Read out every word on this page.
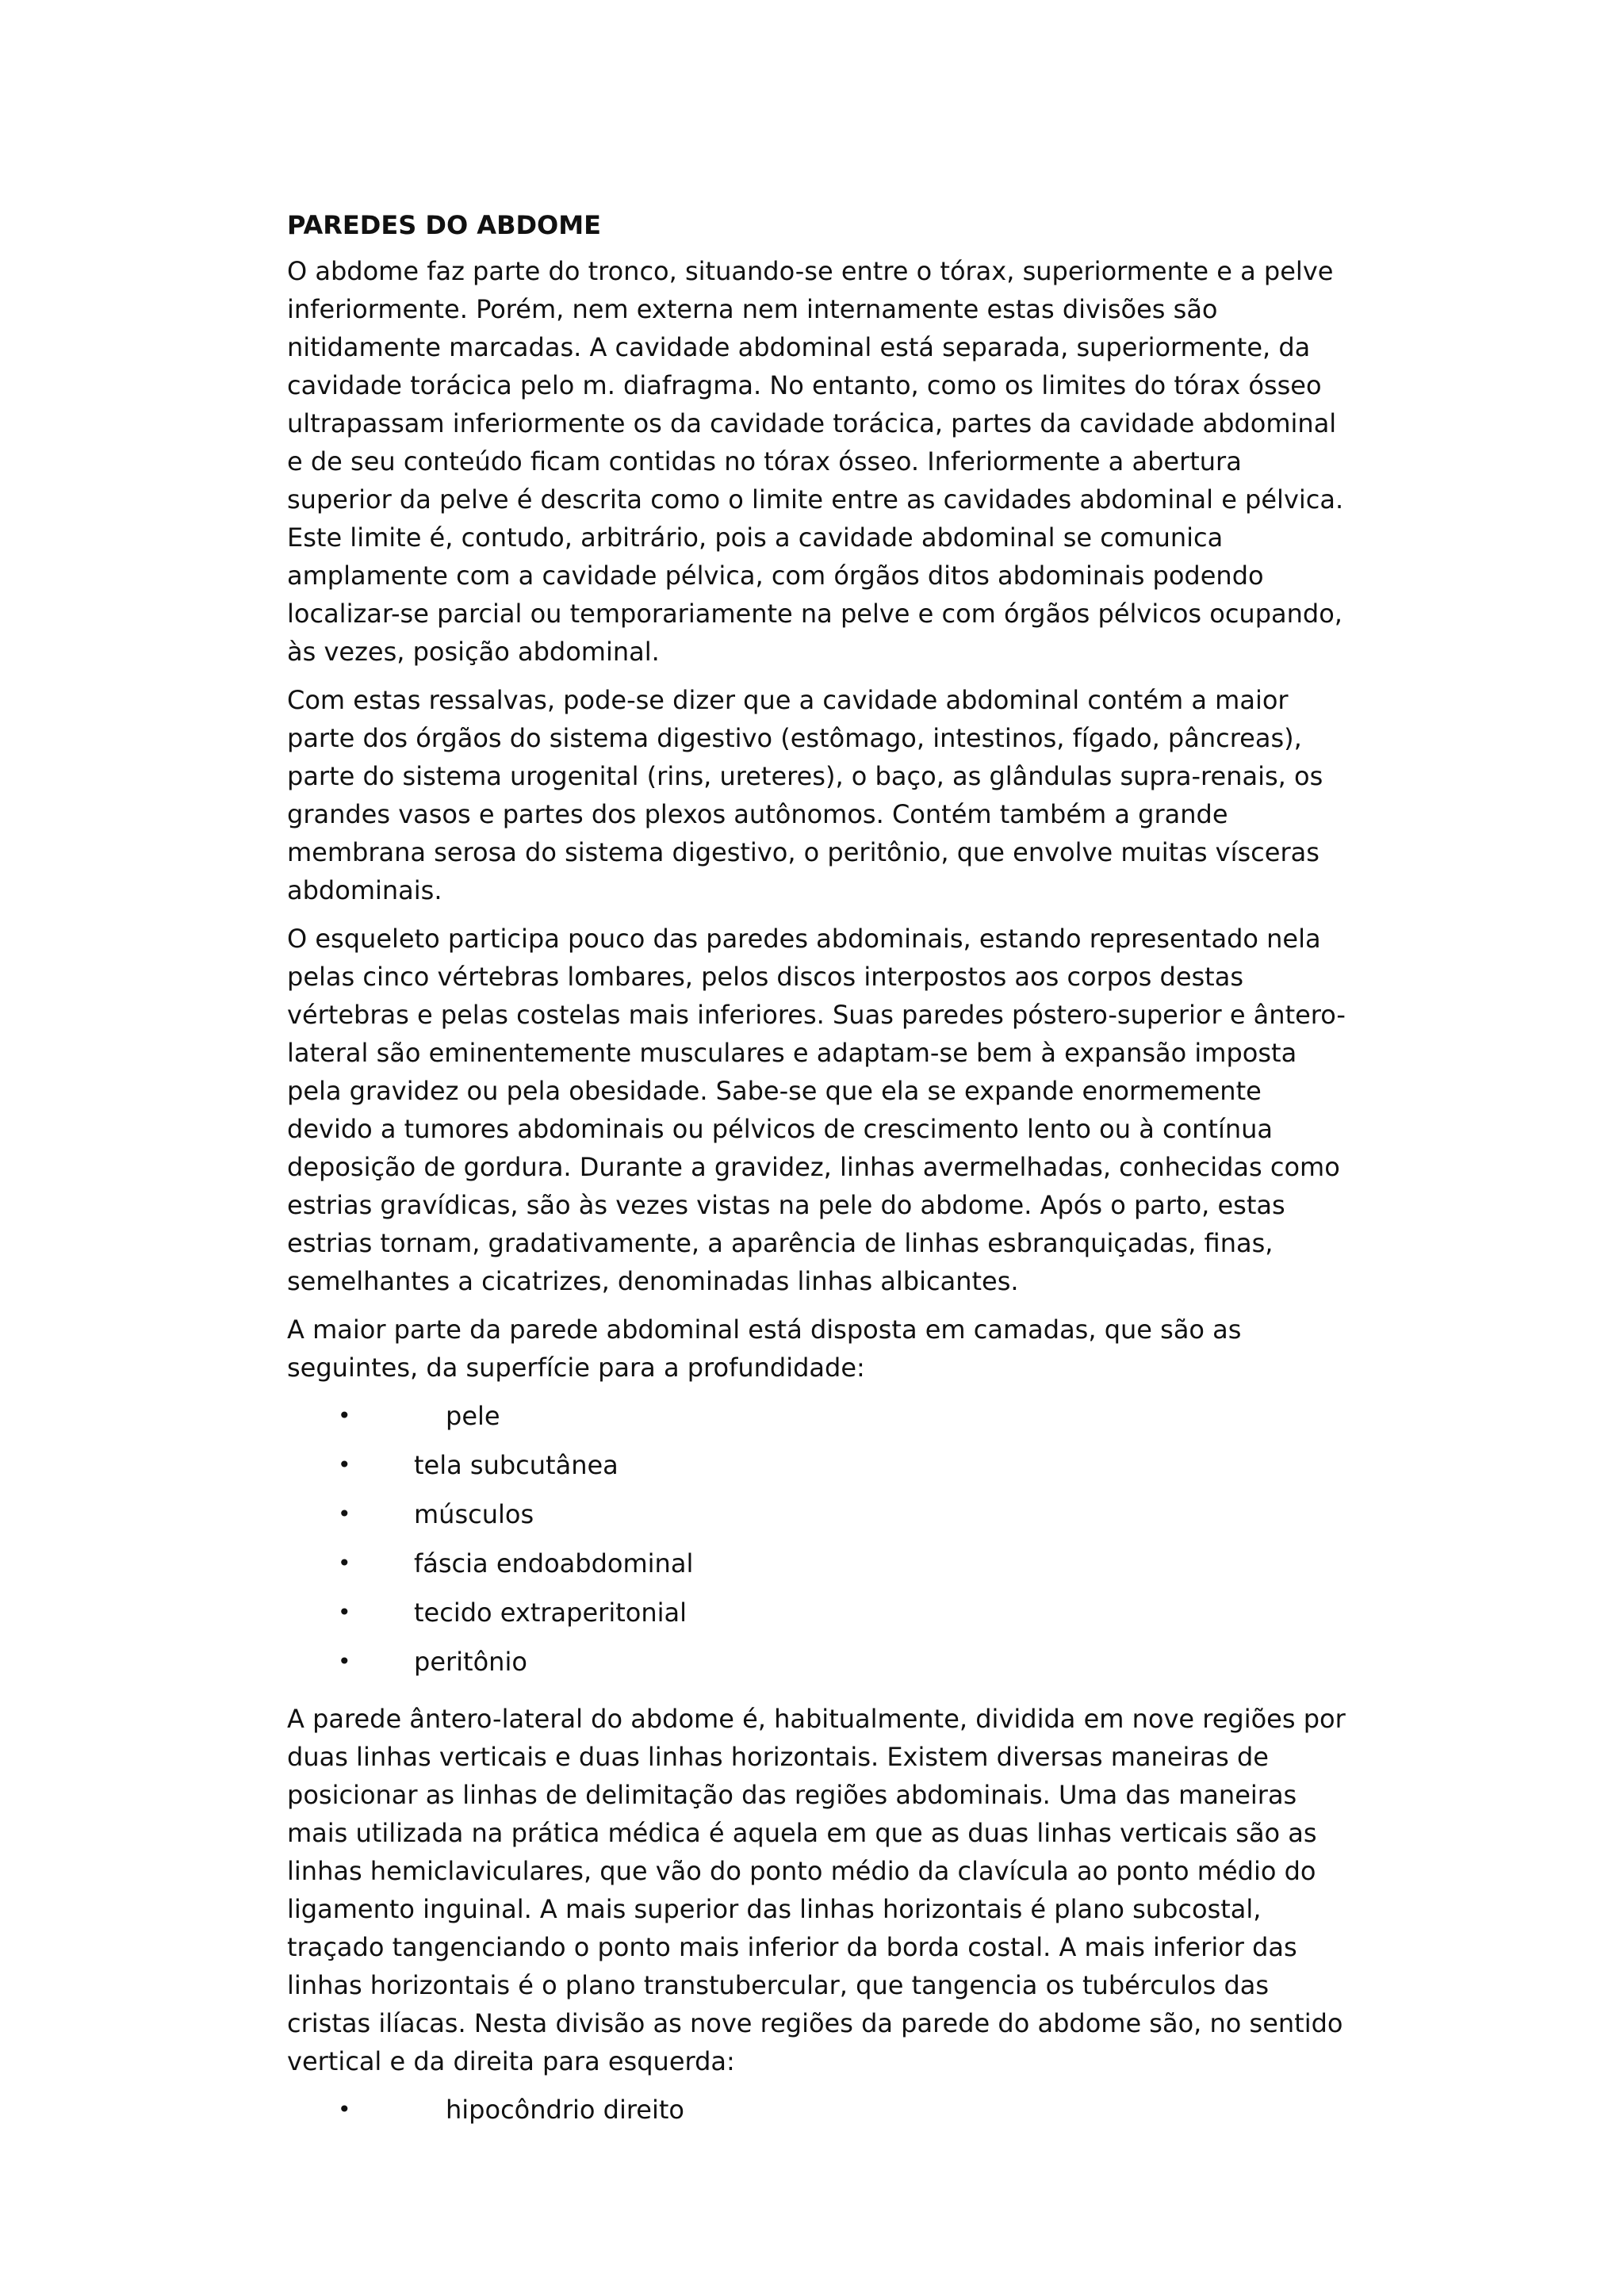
PAREDES DO ABDOME

O abdome faz parte do tronco, situando-se entre o tórax, superiormente e a pelve inferiormente. Porém, nem externa nem internamente estas divisões são nitidamente marcadas. A cavidade abdominal está separada, superiormente, da cavidade torácica pelo m. diafragma. No entanto, como os limites do tórax ósseo ultrapassam inferiormente os da cavidade torácica, partes da cavidade abdominal e de seu conteúdo ficam contidas no tórax ósseo. Inferiormente a abertura superior da pelve é descrita como o limite entre as cavidades abdominal e pélvica. Este limite é, contudo, arbitrário, pois a cavidade abdominal se comunica amplamente com a cavidade pélvica, com órgãos ditos abdominais podendo localizar-se parcial ou temporariamente na pelve e com órgãos pélvicos ocupando, às vezes, posição abdominal.

Com estas ressalvas, pode-se dizer que a cavidade abdominal contém a maior parte dos órgãos do sistema digestivo (estômago, intestinos, fígado, pâncreas), parte do sistema urogenital (rins, ureteres), o baço, as glândulas supra-renais, os grandes vasos e partes dos plexos autônomos. Contém também a grande membrana serosa do sistema digestivo, o peritônio, que envolve muitas vísceras abdominais.

O esqueleto participa pouco das paredes abdominais, estando representado nela pelas cinco vértebras lombares, pelos discos interpostos aos corpos destas vértebras e pelas costelas mais inferiores. Suas paredes póstero-superior e ântero-lateral são eminentemente musculares e adaptam-se bem à expansão imposta pela gravidez ou pela obesidade. Sabe-se que ela se expande enormemente devido a tumores abdominais ou pélvicos de crescimento lento ou à contínua deposição de gordura. Durante a gravidez, linhas avermelhadas, conhecidas como estrias gravídicas, são às vezes vistas na pele do abdome. Após o parto, estas estrias tornam, gradativamente, a aparência de linhas esbranquiçadas, finas, semelhantes a cicatrizes, denominadas linhas albicantes.

A maior parte da parede abdominal está disposta em camadas, que são as seguintes, da superfície para a profundidade:

•	pele
• tela subcutânea
• músculos
• fáscia endoabdominal
• tecido extraperitonial
• peritônio

A parede ântero-lateral do abdome é, habitualmente, dividida em nove regiões por duas linhas verticais e duas linhas horizontais. Existem diversas maneiras de posicionar as linhas de delimitação das regiões abdominais. Uma das maneiras mais utilizada na prática médica é aquela em que as duas linhas verticais são as linhas hemiclaviculares, que vão do ponto médio da clavícula ao ponto médio do ligamento inguinal. A mais superior das linhas horizontais é plano subcostal, traçado tangenciando o ponto mais inferior da borda costal. A mais inferior das linhas horizontais é o plano transtubercular, que tangencia os tubérculos das cristas ilíacas. Nesta divisão as nove regiões da parede do abdome são, no sentido vertical e da direita para esquerda:

•	hipocôndrio direito
